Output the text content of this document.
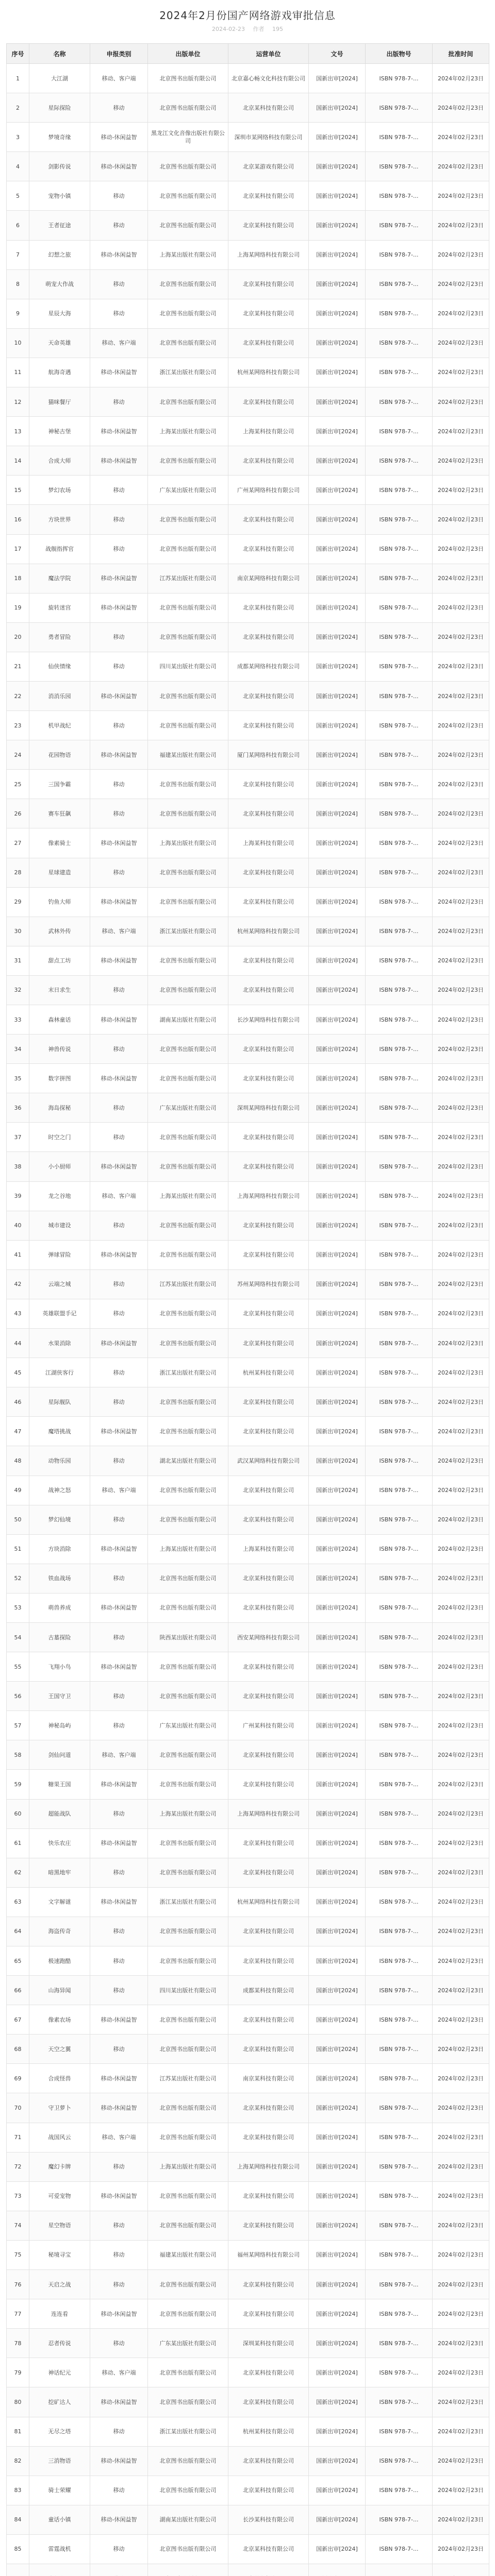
2024年2月份国产网络游戏审批信息
2024-02-23 作者 195
序号	名称	申报类别	出版单位	运营单位	文号	出版物号	批准时间
1	大江湖	移动、客户端	北京图书出版有限公司	北京嘉心畅文化科技有限公司	国新出审[2024]	ISBN 978-7-...	2024年02月23日
2	星际探险	移动	北京图书出版有限公司	北京某科技有限公司	国新出审[2024]	ISBN 978-7-...	2024年02月23日
3	梦境奇缘	移动-休闲益智	黑龙江文化音像出版社有限公司	深圳市某网络科技有限公司	国新出审[2024]	ISBN 978-7-...	2024年02月23日
4	剑影传说	移动-休闲益智	北京图书出版有限公司	北京某游戏有限公司	国新出审[2024]	ISBN 978-7-...	2024年02月23日
5	宠物小镇	移动	北京图书出版有限公司	北京某科技有限公司	国新出审[2024]	ISBN 978-7-...	2024年02月23日
6	王者征途	移动	北京图书出版有限公司	北京某科技有限公司	国新出审[2024]	ISBN 978-7-...	2024年02月23日
7	幻想之旅	移动-休闲益智	上海某出版社有限公司	上海某网络科技有限公司	国新出审[2024]	ISBN 978-7-...	2024年02月23日
8	萌宠大作战	移动	北京图书出版有限公司	北京某科技有限公司	国新出审[2024]	ISBN 978-7-...	2024年02月23日
9	星辰大海	移动	北京图书出版有限公司	北京某科技有限公司	国新出审[2024]	ISBN 978-7-...	2024年02月23日
10	天命英雄	移动、客户端	北京图书出版有限公司	北京某科技有限公司	国新出审[2024]	ISBN 978-7-...	2024年02月23日
11	航海奇遇	移动-休闲益智	浙江某出版社有限公司	杭州某网络科技有限公司	国新出审[2024]	ISBN 978-7-...	2024年02月23日
12	猫咪餐厅	移动	北京图书出版有限公司	北京某科技有限公司	国新出审[2024]	ISBN 978-7-...	2024年02月23日
13	神秘古堡	移动-休闲益智	上海某出版社有限公司	上海某科技有限公司	国新出审[2024]	ISBN 978-7-...	2024年02月23日
14	合成大师	移动-休闲益智	北京图书出版有限公司	北京某科技有限公司	国新出审[2024]	ISBN 978-7-...	2024年02月23日
15	梦幻农场	移动	广东某出版社有限公司	广州某网络科技有限公司	国新出审[2024]	ISBN 978-7-...	2024年02月23日
16	方块世界	移动	北京图书出版有限公司	北京某科技有限公司	国新出审[2024]	ISBN 978-7-...	2024年02月23日
17	战舰指挥官	移动	北京图书出版有限公司	北京某科技有限公司	国新出审[2024]	ISBN 978-7-...	2024年02月23日
18	魔法学院	移动-休闲益智	江苏某出版社有限公司	南京某网络科技有限公司	国新出审[2024]	ISBN 978-7-...	2024年02月23日
19	旋转迷宫	移动-休闲益智	北京图书出版有限公司	北京某科技有限公司	国新出审[2024]	ISBN 978-7-...	2024年02月23日
20	勇者冒险	移动	北京图书出版有限公司	北京某科技有限公司	国新出审[2024]	ISBN 978-7-...	2024年02月23日
21	仙侠情缘	移动	四川某出版社有限公司	成都某网络科技有限公司	国新出审[2024]	ISBN 978-7-...	2024年02月23日
22	消消乐园	移动-休闲益智	北京图书出版有限公司	北京某科技有限公司	国新出审[2024]	ISBN 978-7-...	2024年02月23日
23	机甲战纪	移动	北京图书出版有限公司	北京某科技有限公司	国新出审[2024]	ISBN 978-7-...	2024年02月23日
24	花园物语	移动-休闲益智	福建某出版社有限公司	厦门某网络科技有限公司	国新出审[2024]	ISBN 978-7-...	2024年02月23日
25	三国争霸	移动	北京图书出版有限公司	北京某科技有限公司	国新出审[2024]	ISBN 978-7-...	2024年02月23日
26	赛车狂飙	移动	北京图书出版有限公司	北京某科技有限公司	国新出审[2024]	ISBN 978-7-...	2024年02月23日
27	像素骑士	移动-休闲益智	上海某出版社有限公司	上海某科技有限公司	国新出审[2024]	ISBN 978-7-...	2024年02月23日
28	星球建造	移动	北京图书出版有限公司	北京某科技有限公司	国新出审[2024]	ISBN 978-7-...	2024年02月23日
29	钓鱼大师	移动-休闲益智	北京图书出版有限公司	北京某科技有限公司	国新出审[2024]	ISBN 978-7-...	2024年02月23日
30	武林外传	移动、客户端	浙江某出版社有限公司	杭州某网络科技有限公司	国新出审[2024]	ISBN 978-7-...	2024年02月23日
31	甜点工坊	移动-休闲益智	北京图书出版有限公司	北京某科技有限公司	国新出审[2024]	ISBN 978-7-...	2024年02月23日
32	末日求生	移动	北京图书出版有限公司	北京某科技有限公司	国新出审[2024]	ISBN 978-7-...	2024年02月23日
33	森林童话	移动-休闲益智	湖南某出版社有限公司	长沙某网络科技有限公司	国新出审[2024]	ISBN 978-7-...	2024年02月23日
34	神兽传说	移动	北京图书出版有限公司	北京某科技有限公司	国新出审[2024]	ISBN 978-7-...	2024年02月23日
35	数字拼图	移动-休闲益智	北京图书出版有限公司	北京某科技有限公司	国新出审[2024]	ISBN 978-7-...	2024年02月23日
36	海岛探秘	移动	广东某出版社有限公司	深圳某网络科技有限公司	国新出审[2024]	ISBN 978-7-...	2024年02月23日
37	时空之门	移动	北京图书出版有限公司	北京某科技有限公司	国新出审[2024]	ISBN 978-7-...	2024年02月23日
38	小小厨师	移动-休闲益智	北京图书出版有限公司	北京某科技有限公司	国新出审[2024]	ISBN 978-7-...	2024年02月23日
39	龙之谷地	移动、客户端	上海某出版社有限公司	上海某网络科技有限公司	国新出审[2024]	ISBN 978-7-...	2024年02月23日
40	城市建设	移动	北京图书出版有限公司	北京某科技有限公司	国新出审[2024]	ISBN 978-7-...	2024年02月23日
41	弹球冒险	移动-休闲益智	北京图书出版有限公司	北京某科技有限公司	国新出审[2024]	ISBN 978-7-...	2024年02月23日
42	云端之城	移动	江苏某出版社有限公司	苏州某网络科技有限公司	国新出审[2024]	ISBN 978-7-...	2024年02月23日
43	英雄联盟手记	移动	北京图书出版有限公司	北京某科技有限公司	国新出审[2024]	ISBN 978-7-...	2024年02月23日
44	水果消除	移动-休闲益智	北京图书出版有限公司	北京某科技有限公司	国新出审[2024]	ISBN 978-7-...	2024年02月23日
45	江湖侠客行	移动	浙江某出版社有限公司	杭州某科技有限公司	国新出审[2024]	ISBN 978-7-...	2024年02月23日
46	星际舰队	移动	北京图书出版有限公司	北京某科技有限公司	国新出审[2024]	ISBN 978-7-...	2024年02月23日
47	魔塔挑战	移动-休闲益智	北京图书出版有限公司	北京某科技有限公司	国新出审[2024]	ISBN 978-7-...	2024年02月23日
48	动物乐园	移动	湖北某出版社有限公司	武汉某网络科技有限公司	国新出审[2024]	ISBN 978-7-...	2024年02月23日
49	战神之怒	移动、客户端	北京图书出版有限公司	北京某科技有限公司	国新出审[2024]	ISBN 978-7-...	2024年02月23日
50	梦幻仙境	移动	北京图书出版有限公司	北京某科技有限公司	国新出审[2024]	ISBN 978-7-...	2024年02月23日
51	方块消除	移动-休闲益智	上海某出版社有限公司	上海某科技有限公司	国新出审[2024]	ISBN 978-7-...	2024年02月23日
52	铁血战场	移动	北京图书出版有限公司	北京某科技有限公司	国新出审[2024]	ISBN 978-7-...	2024年02月23日
53	萌兽养成	移动-休闲益智	北京图书出版有限公司	北京某科技有限公司	国新出审[2024]	ISBN 978-7-...	2024年02月23日
54	古墓探险	移动	陕西某出版社有限公司	西安某网络科技有限公司	国新出审[2024]	ISBN 978-7-...	2024年02月23日
55	飞翔小鸟	移动-休闲益智	北京图书出版有限公司	北京某科技有限公司	国新出审[2024]	ISBN 978-7-...	2024年02月23日
56	王国守卫	移动	北京图书出版有限公司	北京某科技有限公司	国新出审[2024]	ISBN 978-7-...	2024年02月23日
57	神秘岛屿	移动	广东某出版社有限公司	广州某科技有限公司	国新出审[2024]	ISBN 978-7-...	2024年02月23日
58	剑仙问道	移动、客户端	北京图书出版有限公司	北京某科技有限公司	国新出审[2024]	ISBN 978-7-...	2024年02月23日
59	糖果王国	移动-休闲益智	北京图书出版有限公司	北京某科技有限公司	国新出审[2024]	ISBN 978-7-...	2024年02月23日
60	超能战队	移动	上海某出版社有限公司	上海某网络科技有限公司	国新出审[2024]	ISBN 978-7-...	2024年02月23日
61	快乐农庄	移动-休闲益智	北京图书出版有限公司	北京某科技有限公司	国新出审[2024]	ISBN 978-7-...	2024年02月23日
62	暗黑地牢	移动	北京图书出版有限公司	北京某科技有限公司	国新出审[2024]	ISBN 978-7-...	2024年02月23日
63	文字解谜	移动-休闲益智	浙江某出版社有限公司	杭州某网络科技有限公司	国新出审[2024]	ISBN 978-7-...	2024年02月23日
64	海盗传奇	移动	北京图书出版有限公司	北京某科技有限公司	国新出审[2024]	ISBN 978-7-...	2024年02月23日
65	极速跑酷	移动	北京图书出版有限公司	北京某科技有限公司	国新出审[2024]	ISBN 978-7-...	2024年02月23日
66	山海异闻	移动	四川某出版社有限公司	成都某科技有限公司	国新出审[2024]	ISBN 978-7-...	2024年02月23日
67	像素农场	移动-休闲益智	北京图书出版有限公司	北京某科技有限公司	国新出审[2024]	ISBN 978-7-...	2024年02月23日
68	天空之翼	移动	北京图书出版有限公司	北京某科技有限公司	国新出审[2024]	ISBN 978-7-...	2024年02月23日
69	合成怪兽	移动-休闲益智	江苏某出版社有限公司	南京某科技有限公司	国新出审[2024]	ISBN 978-7-...	2024年02月23日
70	守卫萝卜	移动-休闲益智	北京图书出版有限公司	北京某科技有限公司	国新出审[2024]	ISBN 978-7-...	2024年02月23日
71	战国风云	移动、客户端	北京图书出版有限公司	北京某科技有限公司	国新出审[2024]	ISBN 978-7-...	2024年02月23日
72	魔幻卡牌	移动	上海某出版社有限公司	上海某网络科技有限公司	国新出审[2024]	ISBN 978-7-...	2024年02月23日
73	可爱宠物	移动-休闲益智	北京图书出版有限公司	北京某科技有限公司	国新出审[2024]	ISBN 978-7-...	2024年02月23日
74	星空物语	移动	北京图书出版有限公司	北京某科技有限公司	国新出审[2024]	ISBN 978-7-...	2024年02月23日
75	秘境寻宝	移动	福建某出版社有限公司	福州某网络科技有限公司	国新出审[2024]	ISBN 978-7-...	2024年02月23日
76	天启之战	移动	北京图书出版有限公司	北京某科技有限公司	国新出审[2024]	ISBN 978-7-...	2024年02月23日
77	连连看	移动-休闲益智	北京图书出版有限公司	北京某科技有限公司	国新出审[2024]	ISBN 978-7-...	2024年02月23日
78	忍者传说	移动	广东某出版社有限公司	深圳某科技有限公司	国新出审[2024]	ISBN 978-7-...	2024年02月23日
79	神话纪元	移动、客户端	北京图书出版有限公司	北京某科技有限公司	国新出审[2024]	ISBN 978-7-...	2024年02月23日
80	挖矿达人	移动-休闲益智	北京图书出版有限公司	北京某科技有限公司	国新出审[2024]	ISBN 978-7-...	2024年02月23日
81	无尽之塔	移动	浙江某出版社有限公司	杭州某科技有限公司	国新出审[2024]	ISBN 978-7-...	2024年02月23日
82	三消物语	移动-休闲益智	北京图书出版有限公司	北京某科技有限公司	国新出审[2024]	ISBN 978-7-...	2024年02月23日
83	骑士荣耀	移动	北京图书出版有限公司	北京某科技有限公司	国新出审[2024]	ISBN 978-7-...	2024年02月23日
84	童话小镇	移动-休闲益智	湖南某出版社有限公司	长沙某科技有限公司	国新出审[2024]	ISBN 978-7-...	2024年02月23日
85	雷霆战机	移动	北京图书出版有限公司	北京某科技有限公司	国新出审[2024]	ISBN 978-7-...	2024年02月23日
